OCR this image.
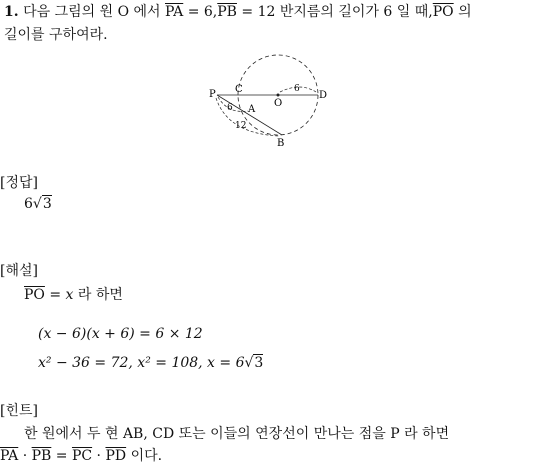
1. 다음 그림의 원 O 에서 $\overline{PA} = 6,\overline{PB} = 12$ 반지름의 길이가 6 일 때$,\overline{PO}$ 의
길이를 구하여라.
P C
O
D
A
B
6
6
12
[정답]
6√3
[해설]
$\overline{PO} = x$ 라 하면
(x − 6)(x + 6) = 6 × 12
x² − 36 = 72, x² = 108, x = 6√3
[힌트]
한 원에서 두 현 AB, CD 또는 이들의 연장선이 만나는 점을 P 라 하면
$\overline{PA} \cdot \overline{PB} = \overline{PC} \cdot \overline{PD}$ 이다.
